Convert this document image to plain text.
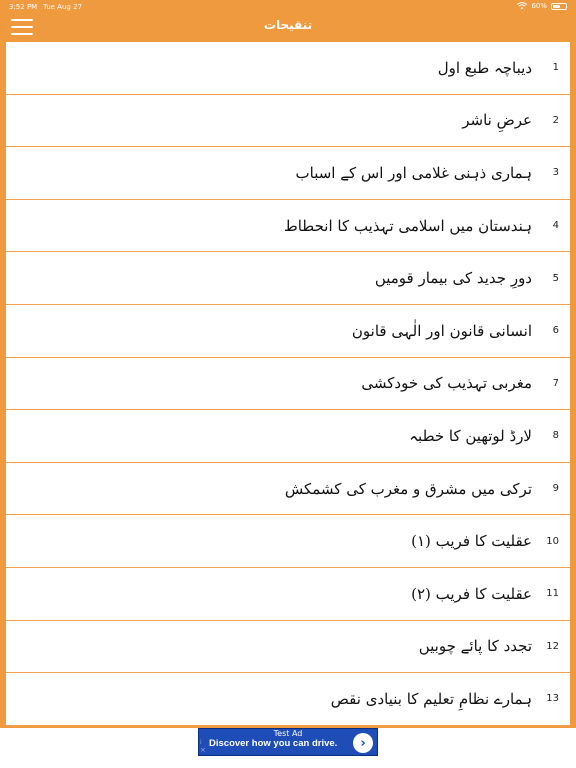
3:52 PM Tue Aug 27	60%
تنقیحات
1
دیباچہ طبع اول
2
عرضِ ناشر
3
ہماری ذہنی غلامی اور اس کے اسباب
4
ہندستان میں اسلامی تہذیب کا انحطاط
5
دورِ جدید کی بیمار قومیں
6
انسانی قانون اور الٰہی قانون
7
مغربی تہذیب کی خودکشی
8
لارڈ لوتھین کا خطبہ
9
ترکی میں مشرق و مغرب کی کشمکش
10
عقلیت کا فریب (۱)
11
عقلیت کا فریب (۲)
12
تجدد کا پائے چوبیں
13
ہمارے نظامِ تعلیم کا بنیادی نقص
Test Ad
i
×
Discover how you can drive.	›
